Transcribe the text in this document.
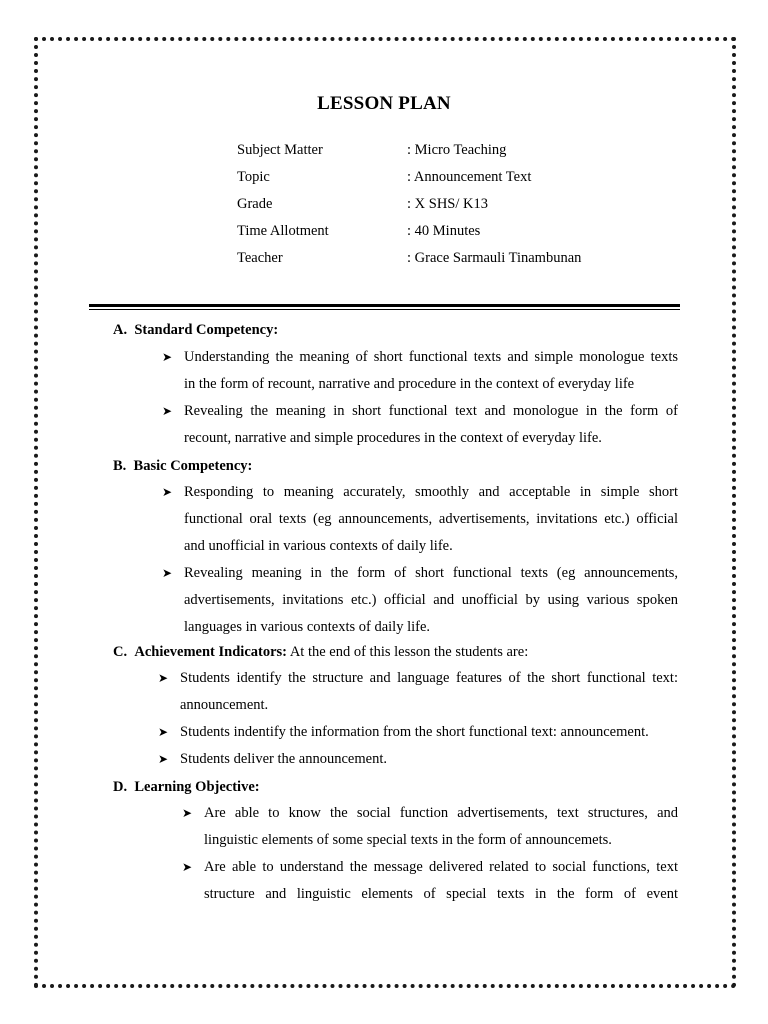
LESSON PLAN
Subject Matter	: Micro Teaching
Topic	: Announcement Text
Grade	: X SHS/ K13
Time Allotment	: 40 Minutes
Teacher	: Grace Sarmauli Tinambunan
A. Standard Competency:
➤ Understanding the meaning of short functional texts and simple monologue texts
in the form of recount, narrative and procedure in the context of everyday life
➤ Revealing the meaning in short functional text and monologue in the form of
recount, narrative and simple procedures in the context of everyday life.
B. Basic Competency:
➤ Responding to meaning accurately, smoothly and acceptable in simple short
functional oral texts (eg announcements, advertisements, invitations etc.) official
and unofficial in various contexts of daily life.
➤ Revealing meaning in the form of short functional texts (eg announcements,
advertisements, invitations etc.) official and unofficial by using various spoken
languages in various contexts of daily life.
C. Achievement Indicators: At the end of this lesson the students are:
➤ Students identify the structure and language features of the short functional text:
announcement.
➤ Students indentify the information from the short functional text: announcement.
➤ Students deliver the announcement.
D. Learning Objective:
➤ Are able to know the social function advertisements, text structures, and
linguistic elements of some special texts in the form of announcemets.
➤ Are able to understand the message delivered related to social functions, text
structure and linguistic elements of special texts in the form of event
